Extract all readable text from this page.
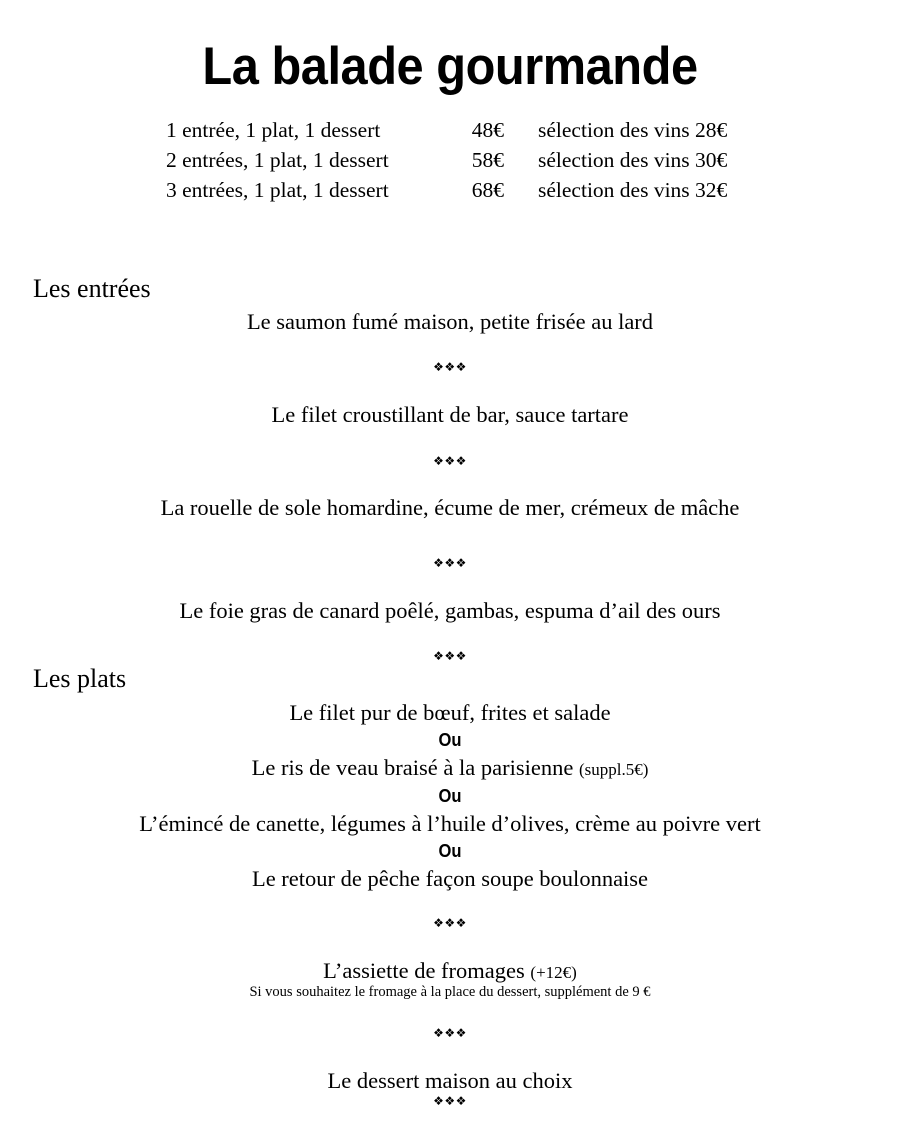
La balade gourmande
1 entrée, 1 plat, 1 dessert	48€ sélection des vins 28€
2 entrées, 1 plat, 1 dessert	58€ sélection des vins 30€
3 entrées, 1 plat, 1 dessert	68€ sélection des vins 32€
Les entrées
Le saumon fumé maison, petite frisée au lard
❖❖❖
Le filet croustillant de bar, sauce tartare
❖❖❖
La rouelle de sole homardine, écume de mer, crémeux de mâche
❖❖❖
Le foie gras de canard poêlé, gambas, espuma d’ail des ours
❖❖❖
Les plats
Le filet pur de bœuf, frites et salade
Ou
Le ris de veau braisé à la parisienne (suppl.5€)
Ou
L’émincé de canette, légumes à l’huile d’olives, crème au poivre vert
Ou
Le retour de pêche façon soupe boulonnaise
❖❖❖
L’assiette de fromages (+12€)
Si vous souhaitez le fromage à la place du dessert, supplément de 9 €
❖❖❖
Le dessert maison au choix
❖❖❖
